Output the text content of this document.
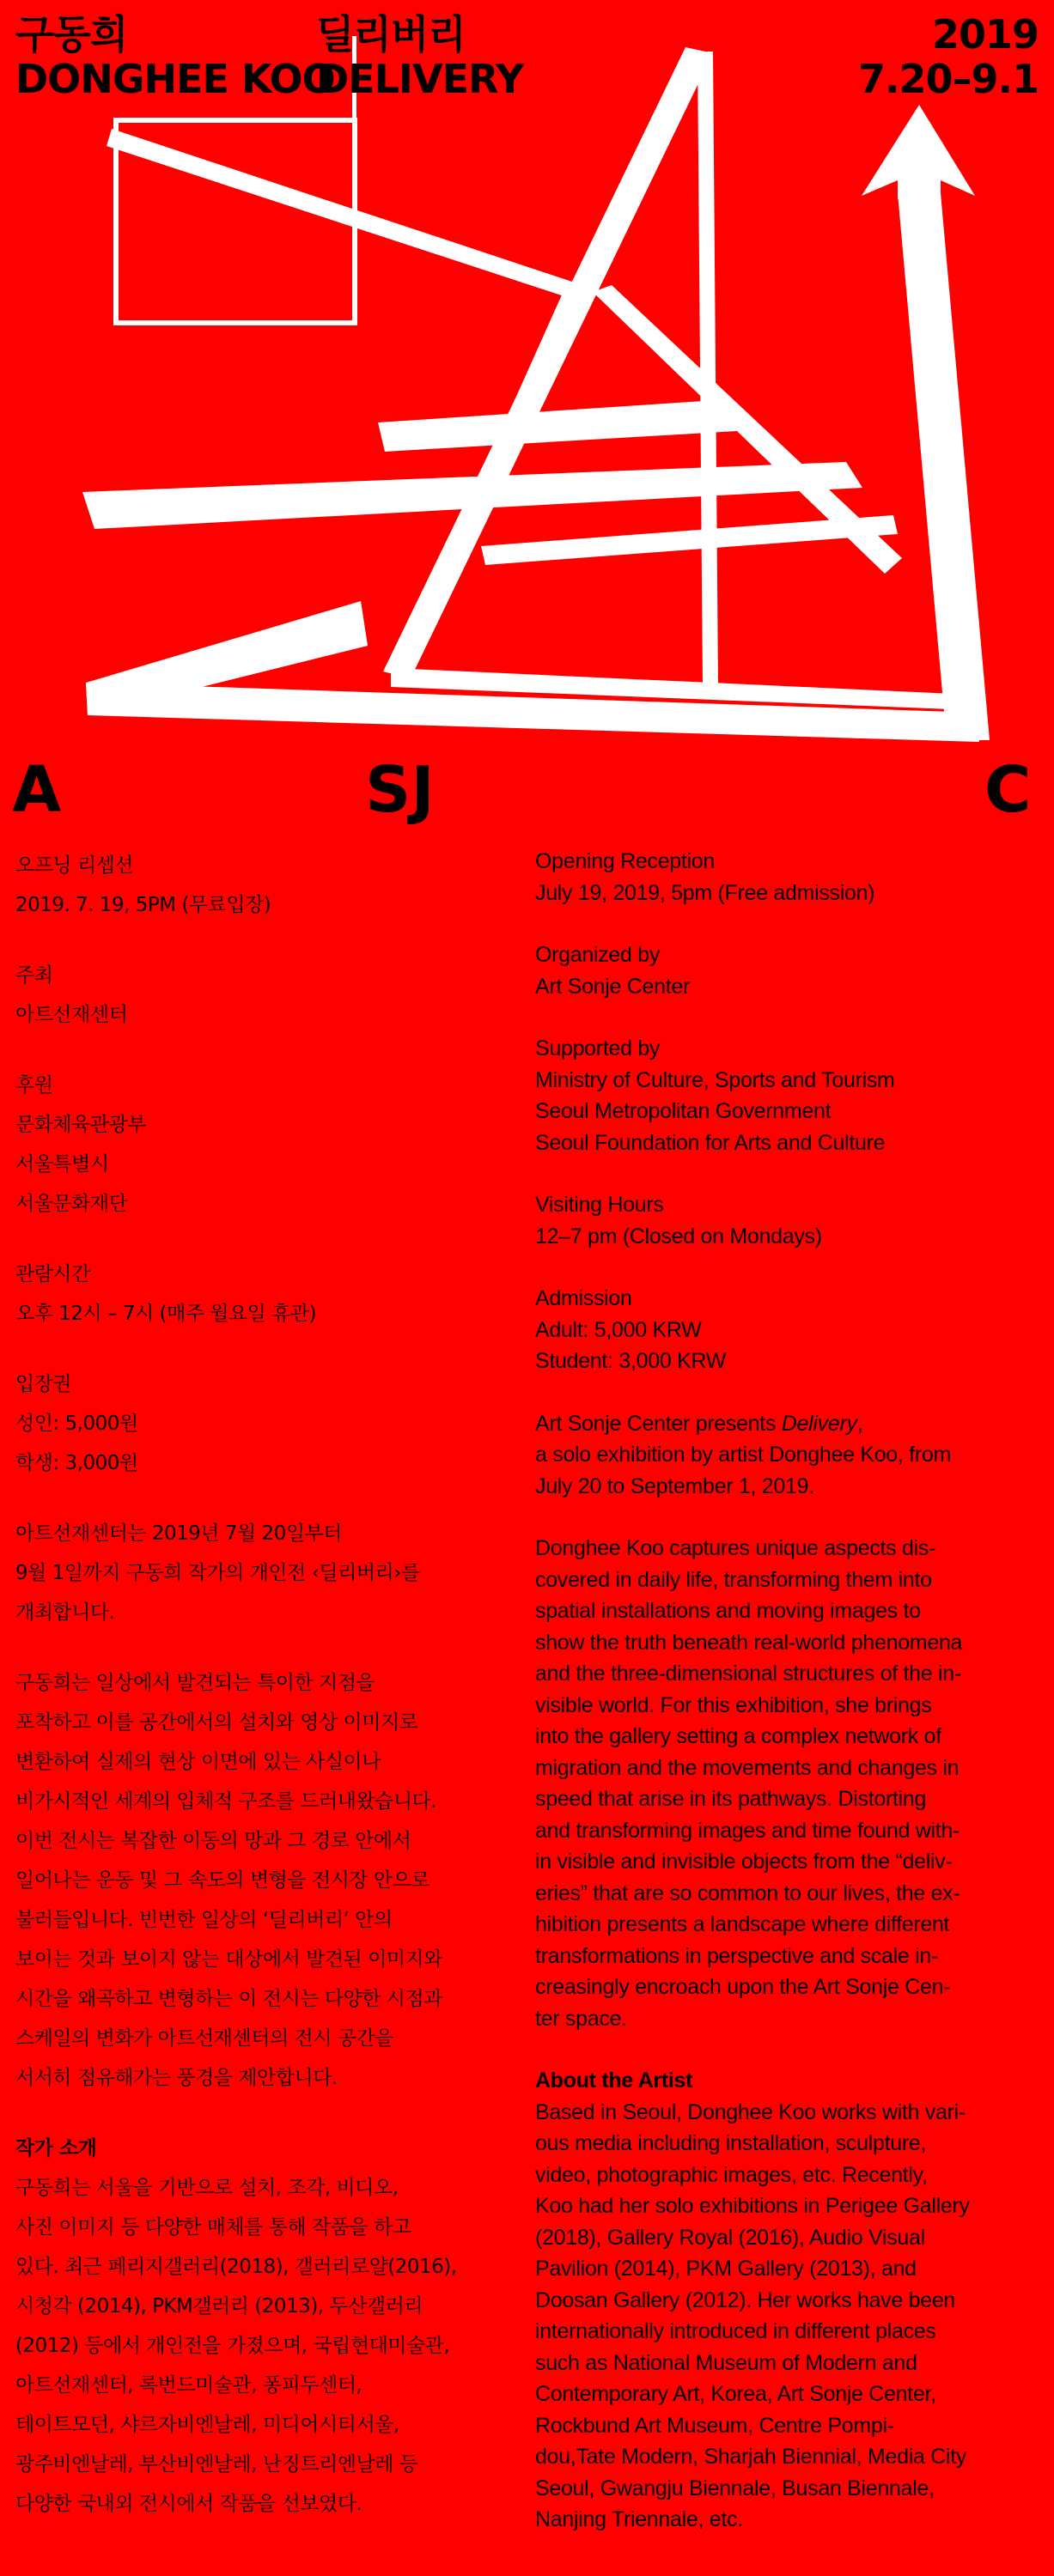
구동희
DONGHEE KOO
딜리버리
DELIVERY
2019
7.20–9.1

A	SJ	C

오프닝 리셉션

2019. 7. 19, 5PM (무료입장)

주최

아트선재센터

후원

문화체육관광부

서울특별시

서울문화재단

관람시간

오후 12시 – 7시 (매주 월요일 휴관)

입장권

성인: 5,000원

학생: 3,000원

아트선재센터는 2019년 7월 20일부터
9월 1일까지 구동희 작가의 개인전 ‹딜리버리›를
개최합니다.

구동희는 일상에서 발견되는 특이한 지점을
포착하고 이를 공간에서의 설치와 영상 이미지로
변환하여 실제의 현상 이면에 있는 사실이나
비가시적인 세계의 입체적 구조를 드러내왔습니다.
이번 전시는 복잡한 이동의 망과 그 경로 안에서
일어나는 운동 및 그 속도의 변형을 전시장 안으로
불러들입니다. 빈번한 일상의 ‘딜리버리’ 안의
보이는 것과 보이지 않는 대상에서 발견된 이미지와
시간을 왜곡하고 변형하는 이 전시는 다양한 시점과
스케일의 변화가 아트선재센터의 전시 공간을
서서히 점유해가는 풍경을 제안합니다.

작가 소개

구동희는 서울을 기반으로 설치, 조각, 비디오,
사진 이미지 등 다양한 매체를 통해 작품을 하고
있다. 최근 페리지갤러리(2018), 갤러리로얄(2016),
시청각 (2014), PKM갤러리 (2013), 두산갤러리
(2012) 등에서 개인전을 가졌으며, 국립현대미술관,
아트선재센터, 록번드미술관, 퐁피두센터,
테이트모던, 샤르자비엔날레, 미디어시티서울,
광주비엔날레, 부산비엔날레, 난징트리엔날레 등
다양한 국내외 전시에서 작품을 선보였다.

Opening Reception

July 19, 2019, 5pm (Free admission)

Organized by

Art Sonje Center

Supported by

Ministry of Culture, Sports and Tourism

Seoul Metropolitan Government

Seoul Foundation for Arts and Culture

Visiting Hours

12–7 pm (Closed on Mondays)

Admission

Adult: 5,000 KRW

Student: 3,000 KRW

Art Sonje Center presents Delivery,
a solo exhibition by artist Donghee Koo, from
July 20 to September 1, 2019.

Donghee Koo captures unique aspects dis-
covered in daily life, transforming them into
spatial installations and moving images to
show the truth beneath real-world phenomena
and the three-dimensional structures of the in-
visible world. For this exhibition, she brings
into the gallery setting a complex network of
migration and the movements and changes in
speed that arise in its pathways. Distorting
and transforming images and time found with-
in visible and invisible objects from the “deliv-
eries” that are so common to our lives, the ex-
hibition presents a landscape where different
transformations in perspective and scale in-
creasingly encroach upon the Art Sonje Cen-
ter space.

About the Artist

Based in Seoul, Donghee Koo works with vari-
ous media including installation, sculpture,
video, photographic images, etc. Recently,
Koo had her solo exhibitions in Perigee Gallery
(2018), Gallery Royal (2016), Audio Visual
Pavilion (2014), PKM Gallery (2013), and
Doosan Gallery (2012). Her works have been
internationally introduced in different places
such as National Museum of Modern and
Contemporary Art, Korea, Art Sonje Center,
Rockbund Art Museum, Centre Pompi-
dou,Tate Modern, Sharjah Biennial, Media City
Seoul, Gwangju Biennale, Busan Biennale,
Nanjing Triennale, etc.
